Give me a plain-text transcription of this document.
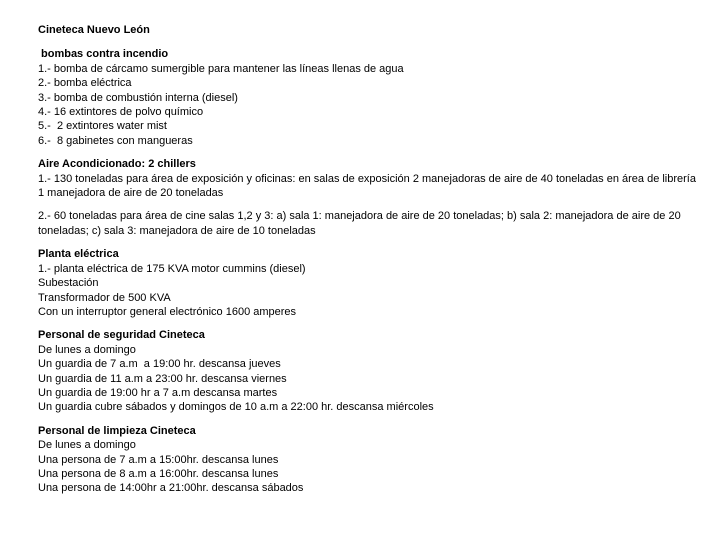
Cineteca Nuevo León
bombas contra incendio
1.- bomba de cárcamo sumergible para mantener las líneas llenas de agua
2.- bomba eléctrica
3.- bomba de combustión interna (diesel)
4.- 16 extintores de polvo químico
5.-  2 extintores water mist
6.-  8 gabinetes con mangueras
Aire Acondicionado: 2 chillers
1.- 130 toneladas para área de exposición y oficinas: en salas de exposición 2 manejadoras de aire de 40 toneladas en área de librería 1 manejadora de aire de 20 toneladas
2.- 60 toneladas para área de cine salas 1,2 y 3: a) sala 1: manejadora de aire de 20 toneladas; b) sala 2: manejadora de aire de 20 toneladas; c) sala 3: manejadora de aire de 10 toneladas
Planta eléctrica
1.- planta eléctrica de 175 KVA motor cummins (diesel)
Subestación
Transformador de 500 KVA
Con un interruptor general electrónico 1600 amperes
Personal de seguridad Cineteca
De lunes a domingo
Un guardia de 7 a.m  a 19:00 hr. descansa jueves
Un guardia de 11 a.m a 23:00 hr. descansa viernes
Un guardia de 19:00 hr a 7 a.m descansa martes
Un guardia cubre sábados y domingos de 10 a.m a 22:00 hr. descansa miércoles
Personal de limpieza Cineteca
De lunes a domingo
Una persona de 7 a.m a 15:00hr. descansa lunes
Una persona de 8 a.m a 16:00hr. descansa lunes
Una persona de 14:00hr a 21:00hr. descansa sábados
